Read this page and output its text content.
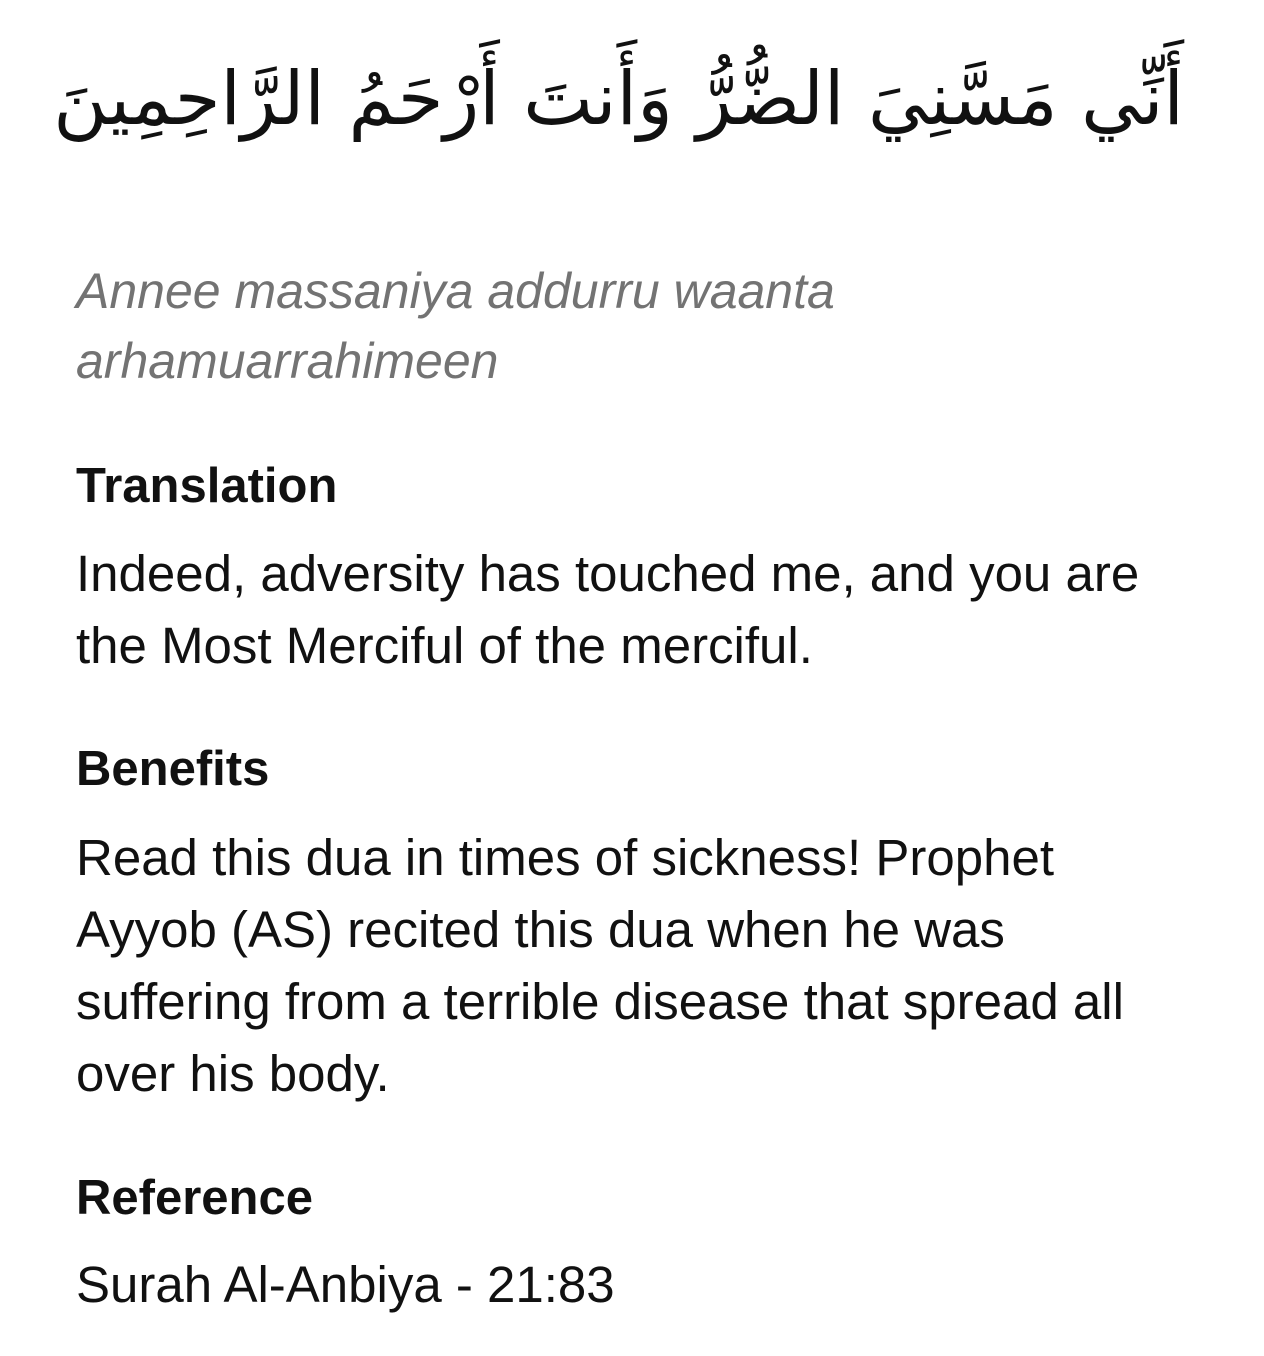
أَنِّي مَسَّنِيَ الضُّرُّ وَأَنتَ أَرْحَمُ الرَّاحِمِينَ
Annee massaniya addurru waanta arhamuarrahimeen
Translation
Indeed, adversity has touched me, and you are the Most Merciful of the merciful.
Benefits
Read this dua in times of sickness! Prophet Ayyob (AS) recited this dua when he was suffering from a terrible disease that spread all over his body.
Reference
Surah Al-Anbiya - 21:83
